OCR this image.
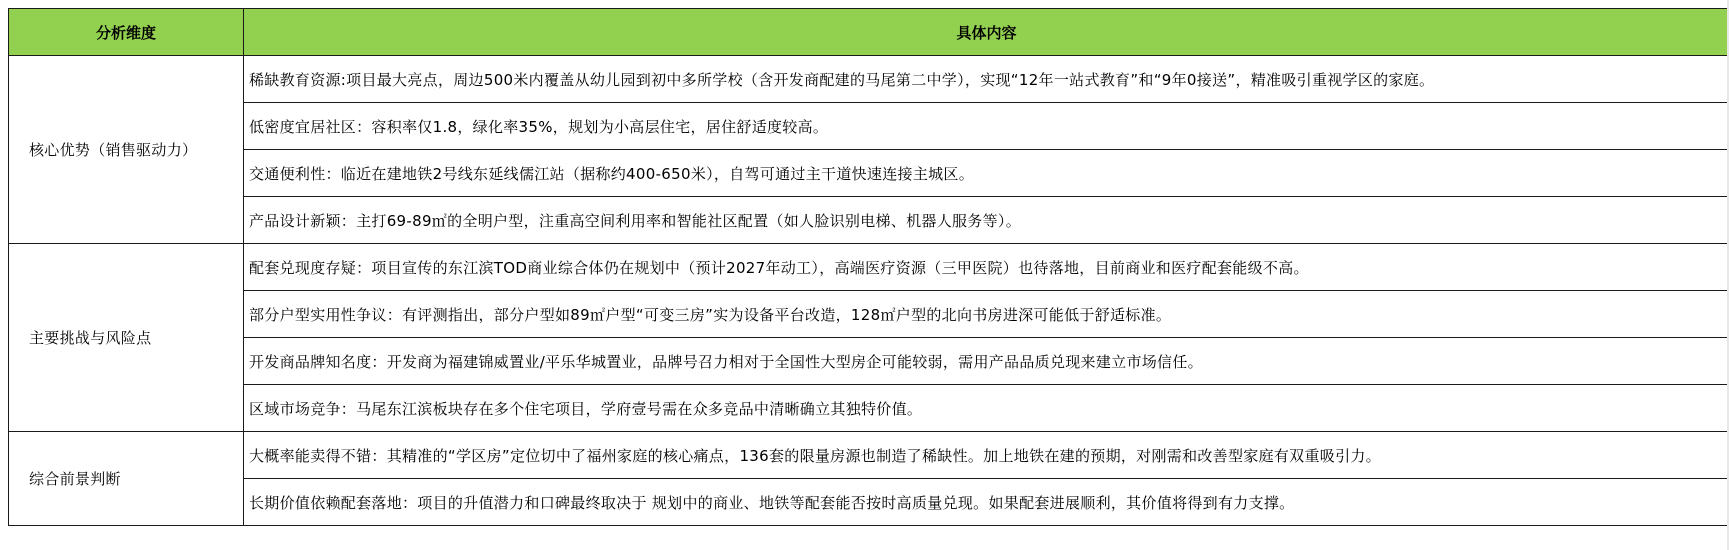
分析维度	具体内容
核心优势（销售驱动力）	稀缺教育资源:项目最大亮点，周边500米内覆盖从幼儿园到初中多所学校（含开发商配建的马尾第二中学），实现“12年一站式教育”和“9年0接送”，精准吸引重视学区的家庭。
	低密度宜居社区：容积率仅1.8，绿化率35%，规划为小高层住宅，居住舒适度较高。
	交通便利性：临近在建地铁2号线东延线儒江站（据称约400-650米），自驾可通过主干道快速连接主城区。
	产品设计新颖：主打69-89㎡的全明户型，注重高空间利用率和智能社区配置（如人脸识别电梯、机器人服务等）。
主要挑战与风险点	配套兑现度存疑：项目宣传的东江滨TOD商业综合体仍在规划中（预计2027年动工），高端医疗资源（三甲医院）也待落地，目前商业和医疗配套能级不高。
	部分户型实用性争议：有评测指出，部分户型如89㎡户型“可变三房”实为设备平台改造，128㎡户型的北向书房进深可能低于舒适标准。
	开发商品牌知名度：开发商为福建锦威置业/平乐华城置业，品牌号召力相对于全国性大型房企可能较弱，需用产品品质兑现来建立市场信任。
	区域市场竞争：马尾东江滨板块存在多个住宅项目，学府壹号需在众多竞品中清晰确立其独特价值。
综合前景判断	大概率能卖得不错：其精准的“学区房”定位切中了福州家庭的核心痛点，136套的限量房源也制造了稀缺性。加上地铁在建的预期，对刚需和改善型家庭有双重吸引力。
	长期价值依赖配套落地：项目的升值潜力和口碑最终取决于 规划中的商业、地铁等配套能否按时高质量兑现。如果配套进展顺利，其价值将得到有力支撑。
